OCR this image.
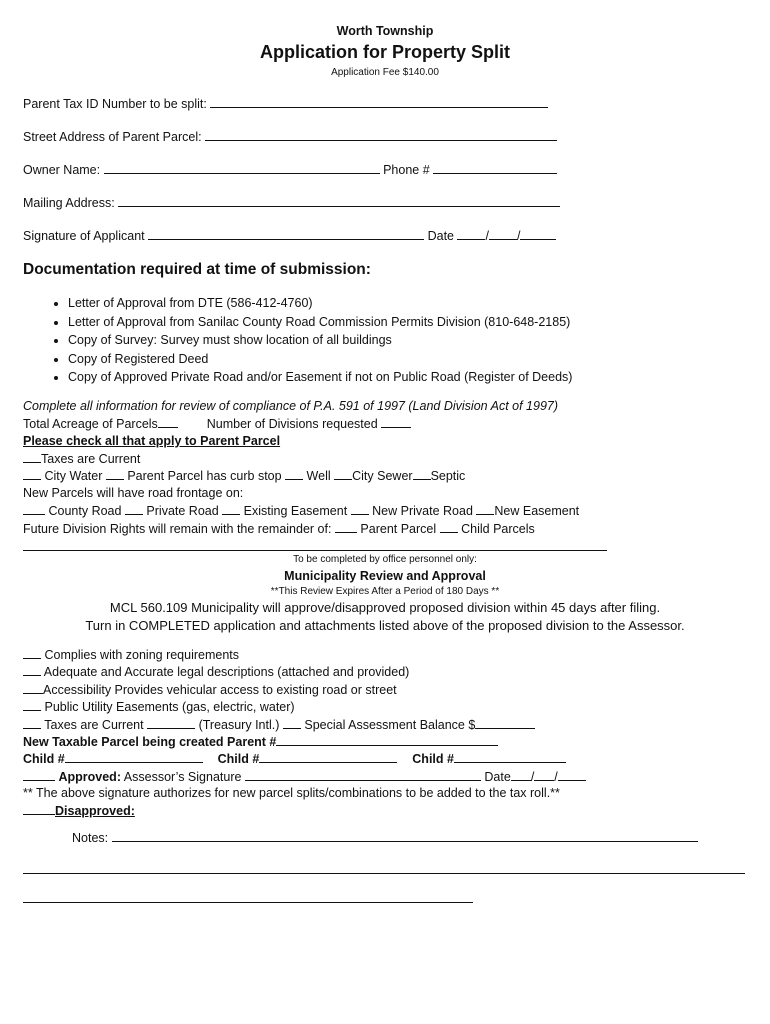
Worth Township
Application for Property Split
Application Fee $140.00
Parent Tax ID Number to be split:
Street Address of Parent Parcel:
Owner Name:	Phone #
Mailing Address:
Signature of Applicant	Date	/ /
Documentation required at time of submission:
• Letter of Approval from DTE (586-412-4760)
• Letter of Approval from Sanilac County Road Commission Permits Division (810-648-2185)
• Copy of Survey: Survey must show location of all buildings
• Copy of Registered Deed
• Copy of Approved Private Road and/or Easement if not on Public Road (Register of Deeds)
Complete all information for review of compliance of P.A. 591 of 1997 (Land Division Act of 1997)
Total Acreage of Parcels	Number of Divisions requested
Please check all that apply to Parent Parcel
Taxes are Current
City Water Parent Parcel has curb stop Well City Sewer Septic
New Parcels will have road frontage on:
County Road Private Road Existing Easement New Private Road New Easement
Future Division Rights will remain with the remainder of: Parent Parcel Child Parcels
To be completed by office personnel only:
Municipality Review and Approval
**This Review Expires After a Period of 180 Days **
MCL 560.109 Municipality will approve/disapproved proposed division within 45 days after filing.
Turn in COMPLETED application and attachments listed above of the proposed division to the Assessor.
Complies with zoning requirements
Adequate and Accurate legal descriptions (attached and provided)
Accessibility Provides vehicular access to existing road or street
Public Utility Easements (gas, electric, water)
Taxes are Current	(Treasury Intl.) Special Assessment Balance $
New Taxable Parcel being created Parent #
Child #	Child #	Child #
Approved: Assessor’s Signature	Date / /
** The above signature authorizes for new parcel splits/combinations to be added to the tax roll.**
Disapproved:
Notes:
